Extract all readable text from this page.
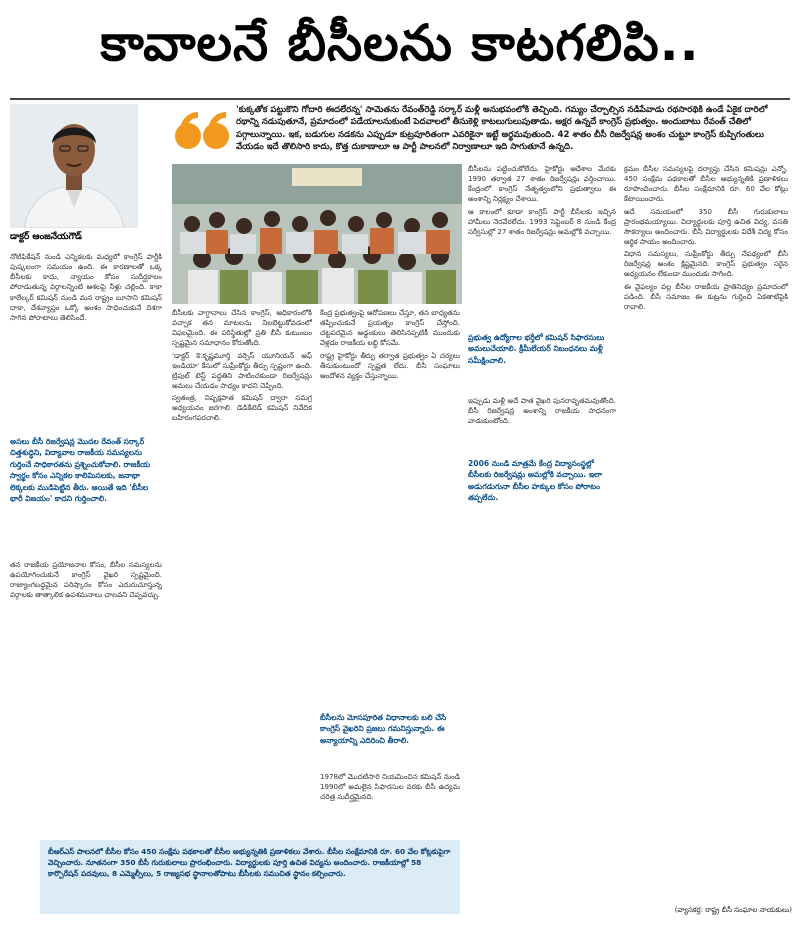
కావాలనే బీసీలను కాటగలిపి..
డాక్టర్ ఆంజనేయగౌడ్
'కుక్కతోక పట్టుకొని గోదారి ఈదలేరన్న' సామెతను రేవంత్‌రెడ్డి సర్కార్ మళ్లీ అనుభవంలోకి తెచ్చింది. గమ్యం చేర్చాల్సిన నడిపేవాడు రథసారథికి ఉండే ఏకైక దారిలో రథాన్ని నడుపుతూనే, ప్రమాదంలో పడేయాలనుకుంటే పెదవాలలో తీసుకెళ్లి కాటలుగులుపుతాడు. అక్షర ఉన్నదే కాంగ్రెస్ ప్రభుత్వం. అందుబాటు రేవంత్ చేతిలో పగ్గాలున్నాయి. ఇక, బడుగుల నడకను ఎప్పుడూ కుట్రపూరితంగా ఎవరికైనా ఇట్టే అర్థమవుతుంది. 42 శాతం బీసీ రిజర్వేషన్ల అంశం చుట్టూ కాంగ్రెస్ కుప్పిగంతులు వేయడం ఇదే తొలిసారి కాదు, కొత్త దుకాణాలూ ఆ పార్టీ పాలనలో నిర్వాణాలూ ఇది సాగుతూనే ఉన్నది.

నోటిఫికేషన్ నుండి ఎన్నికలకు మధ్యలో కాంగ్రెస్ పార్టీకి పుష్కలంగా సమయం ఉంది. ఈ కారణాలతో ఒక్క బీసీలకు కాదు, న్యాయం కోసం సుదీర్ఘకాలం పోరాడుతున్న వర్గాలన్నింటి ఆశలపై నీళ్లు చల్లింది. కాకా కాలేల్కర్ కమిషన్ నుండి మన రాష్ట్రం బూసాని కమిషన్ దాకా, దేశవ్యాప్తం ఒక్కో అంశం సాధించుకునే దిశగా సాగిన పోరాటాలు తెలిసిందే.

అసలు బీసీ రిజర్వేషన్ల మొదల రేవంత్ సర్కార్ చిత్తశుద్ధిని, విద్యావాల రాజకీయ సమస్యలను గుర్తించే సాధికారతను ప్రశ్నించుకోవాలి. రాజకీయ స్వార్థం కోసం ఎన్నికల కాలిమిసలకు, జనాభా లెక్కలకు ముడిపెట్టిన తీరు. అయితే ఇది 'బీసీల భారీ విజయం' కాదని గుర్తించాలి.

తన రాజకీయ ప్రయోజనాల కోసం, బీసీల సమస్యలను ఉపయోగించుకునే కాంగ్రెస్ వైఖరి స్పష్టమైంది. రాజ్యాంగబద్ధమైన పరిష్కారం కోసం ఎదురుచూస్తున్న వర్గాలకు తాత్కాలిక ఉపశమనాలు చాలవని చెప్పవచ్చు.

బీసీలకు వాగ్దానాలు చేసిన కాంగ్రెస్, అధికారంలోకి వచ్చాక తన మాటలను నిలబెట్టుకోవడంలో విఫలమైంది. ఈ పరిస్థితుల్లో ప్రతి బీసీ కుటుంబం స్పష్టమైన సమాధానం కోరుతోంది.

'డాక్టర్ కె.కృష్ణమూర్తి వర్సెస్ యూనియన్ ఆఫ్ ఇండియా' కేసులో సుప్రీంకోర్టు తీర్పు స్పష్టంగా ఉంది. ట్రిపుల్ టెస్ట్ పద్ధతిని పాటించకుండా రిజర్వేషన్లు అమలు చేయడం సాధ్యం కాదని చెప్పింది.

స్వతంత్ర, నిష్పక్షపాత కమిషన్ ద్వారా సమగ్ర అధ్యయనం జరగాలి. డెడికేటెడ్ కమిషన్ నివేదిక బహిరంగపరచాలి.

కేంద్ర ప్రభుత్వంపై ఆరోపణలు చేస్తూ, తన బాధ్యతను తప్పించుకునే ప్రయత్నం కాంగ్రెస్ చేస్తోంది. చట్టపరమైన అడ్డంకులు తెలిసినప్పటికీ ముందుకు వెళ్లడం రాజకీయ లబ్ధి కోసమే.

రాష్ట్ర హైకోర్టు తీర్పు తర్వాత ప్రభుత్వం ఏ చర్యలు తీసుకుంటుందో స్పష్టత లేదు. బీసీ సంఘాలు ఆందోళన వ్యక్తం చేస్తున్నాయి.

బీసీలను మోసపూరిత విధానాలకు బలి చేసే కాంగ్రెస్ వైఖరిని ప్రజలు గమనిస్తున్నారు. ఈ అన్యాయాన్ని ఎదిరించి తీరాలి.

1978లో మొదటిసారి నియమించిన కమిషన్ నుండి 1990లో అమలైన సిఫారసుల వరకు బీసీ ఉద్యమ చరిత్ర సుదీర్ఘమైనది.

బీసీలను పట్టించుకోలేదు. హైకోర్టు ఆదేశాల మేరకు 1990 తర్వాత 27 శాతం రిజర్వేషన్లు వర్తించాయి. కేంద్రంలో కాంగ్రెస్ నేతృత్వంలోని ప్రభుత్వాలు ఈ అంశాన్ని నిర్లక్ష్యం చేశాయి.

ఆ కాలంలో కూడా కాంగ్రెస్ పార్టీ బీసీలకు ఇచ్చిన హామీలు నెరవేరలేదు. 1993 సెప్టెంబర్ 8 నుండి కేంద్ర సర్వీసుల్లో 27 శాతం రిజర్వేషన్లు అమల్లోకి వచ్చాయి.

ప్రభుత్వ ఉద్యోగాల భర్తీలో కమిషన్ సిఫారసులు అమలుచేయాలి. క్రీమీలేయర్ నిబంధనలు మళ్లీ సమీక్షించాలి.

ఇప్పుడు మళ్లీ అదే పాత వైఖరి పునరావృతమవుతోంది. బీసీ రిజర్వేషన్ల అంశాన్ని రాజకీయ సాధనంగా వాడుకుంటోంది.

2006 నుండి మాత్రమే కేంద్ర విద్యాసంస్థల్లో బీసీలకు రిజర్వేషన్లు అమల్లోకి వచ్చాయి. ఇలా అడుగడుగునా బీసీల హక్కుల కోసం పోరాటం తప్పలేదు.

క్రమం బీసీల సమస్యలపై దర్యాప్తు చేసిన కమిషన్లు ఎన్నో. 450 సంక్షేమ పథకాలతో బీసీల అభ్యున్నతికి ప్రణాళికలు రూపొందించారు. బీసీల సంక్షేమానికి రూ. 60 వేల కోట్లు కేటాయించారు.

అదే సమయంలో 350 బీసీ గురుకులాలు ప్రారంభమయ్యాయి. విద్యార్థులకు పూర్తి ఉచిత విద్య, వసతి సౌకర్యాలు అందించారు. బీసీ విద్యార్థులకు విదేశీ విద్య కోసం ఆర్థిక సాయం అందించారు.

విధాన సమస్యలు, సుప్రీంకోర్టు తీర్పు నేపథ్యంలో బీసీ రిజర్వేషన్ల అంశం క్లిష్టమైనది. కాంగ్రెస్ ప్రభుత్వం సరైన అధ్యయనం లేకుండా ముందుకు సాగింది.

ఈ వైఫల్యం వల్ల బీసీల రాజకీయ ప్రాతినిధ్యం ప్రమాదంలో పడింది. బీసీ సమాజం ఈ కుట్రను గుర్తించి ఏకతాటిపైకి రావాలి.

బీఆర్ఎస్ పాలనలో బీసీల కోసం 450 సంక్షేమ పథకాలతో బీసీల అభ్యున్నతికి ప్రణాళికలు వేశారు. బీసీల సంక్షేమానికి రూ. 60 వేల కోట్లకుపైగా వెచ్చించారు. నూతనంగా 350 బీసీ గురుకులాలు ప్రారంభించారు. విద్యార్థులకు పూర్తి ఉచిత విద్యను అందించారు. రాజకీయాల్లో 58 కార్పొరేషన్ పదవులు, 8 ఎమ్మెల్సీలు, 5 రాజ్యసభ స్థానాలతోపాటు బీసీలకు సముచిత స్థానం కల్పించారు.
(వ్యాసకర్త: రాష్ట్ర బీసీ సంఘాల నాయకులు)
